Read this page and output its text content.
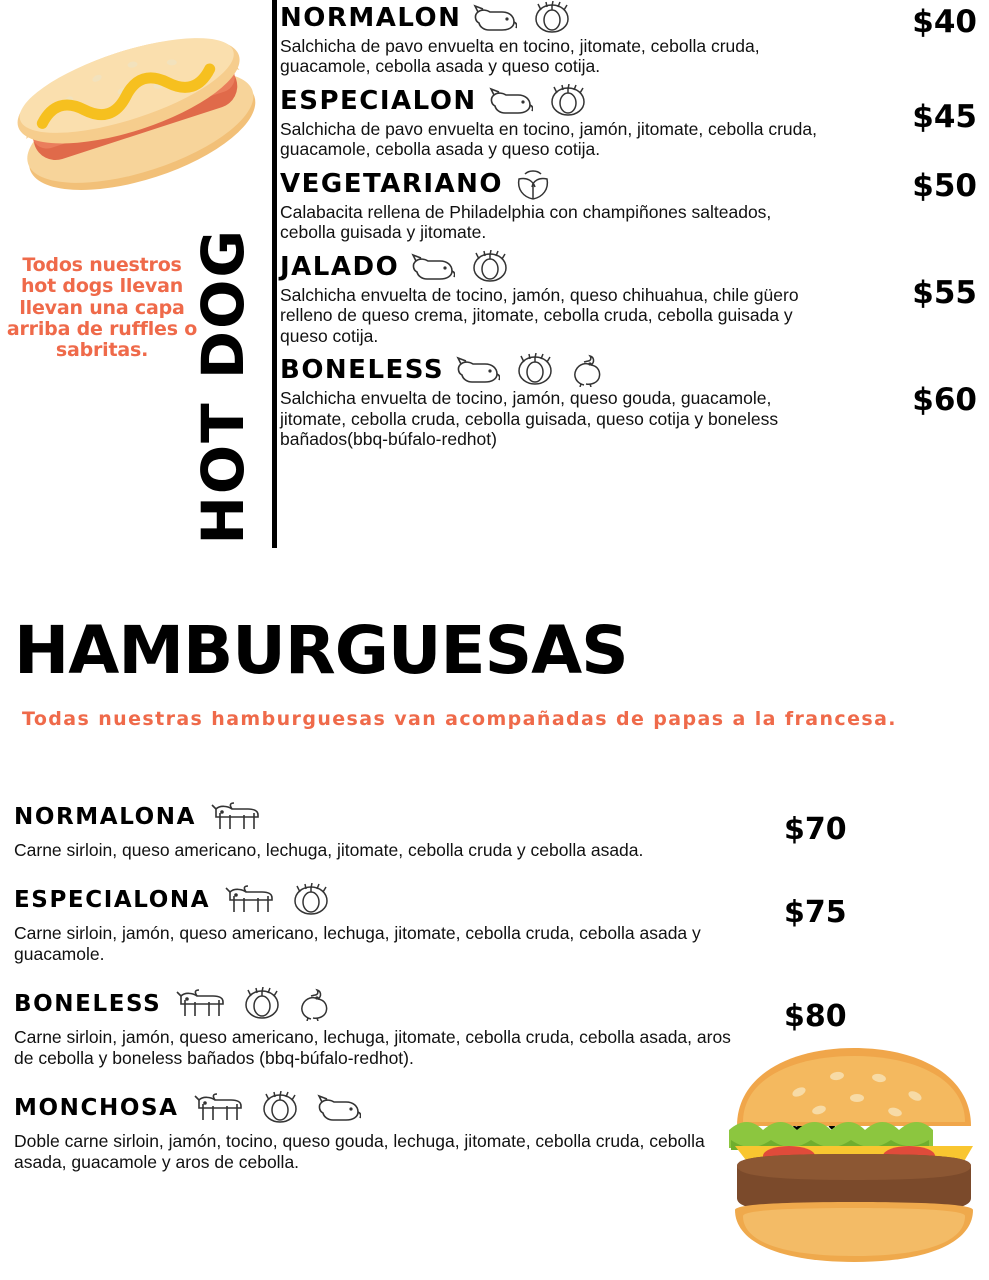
Todos nuestros hot dogs llevan llevan una capa arriba de ruffles o sabritas. HOT DOG
NORMALON
Salchicha de pavo envuelta en tocino, jitomate, cebolla cruda, guacamole, cebolla asada y queso cotija.
$40
ESPECIALON
Salchicha de pavo envuelta en tocino, jamón, jitomate, cebolla cruda, guacamole, cebolla asada y queso cotija.
$45
VEGETARIANO
Calabacita rellena de Philadelphia con champiñones salteados, cebolla guisada y jitomate.
$50
JALADO
Salchicha envuelta de tocino, jamón, queso chihuahua, chile güero relleno de queso crema, jitomate, cebolla cruda, cebolla guisada y queso cotija.
$55
BONELESS
Salchicha envuelta de tocino, jamón, queso gouda, guacamole, jitomate, cebolla cruda, cebolla guisada, queso cotija y boneless bañados(bbq-búfalo-redhot)
$60
HAMBURGUESAS
Todas nuestras hamburguesas van acompañadas de papas a la francesa.
NORMALONA
Carne sirloin, queso americano, lechuga, jitomate, cebolla cruda y cebolla asada.
$70
ESPECIALONA
Carne sirloin, jamón, queso americano, lechuga, jitomate, cebolla cruda, cebolla asada y guacamole.
$75
BONELESS
Carne sirloin, jamón, queso americano, lechuga, jitomate, cebolla cruda, cebolla asada, aros de cebolla y boneless bañados (bbq-búfalo-redhot).
$80
MONCHOSA
Doble carne sirloin, jamón, tocino, queso gouda, lechuga, jitomate, cebolla cruda, cebolla asada, guacamole y aros de cebolla.
